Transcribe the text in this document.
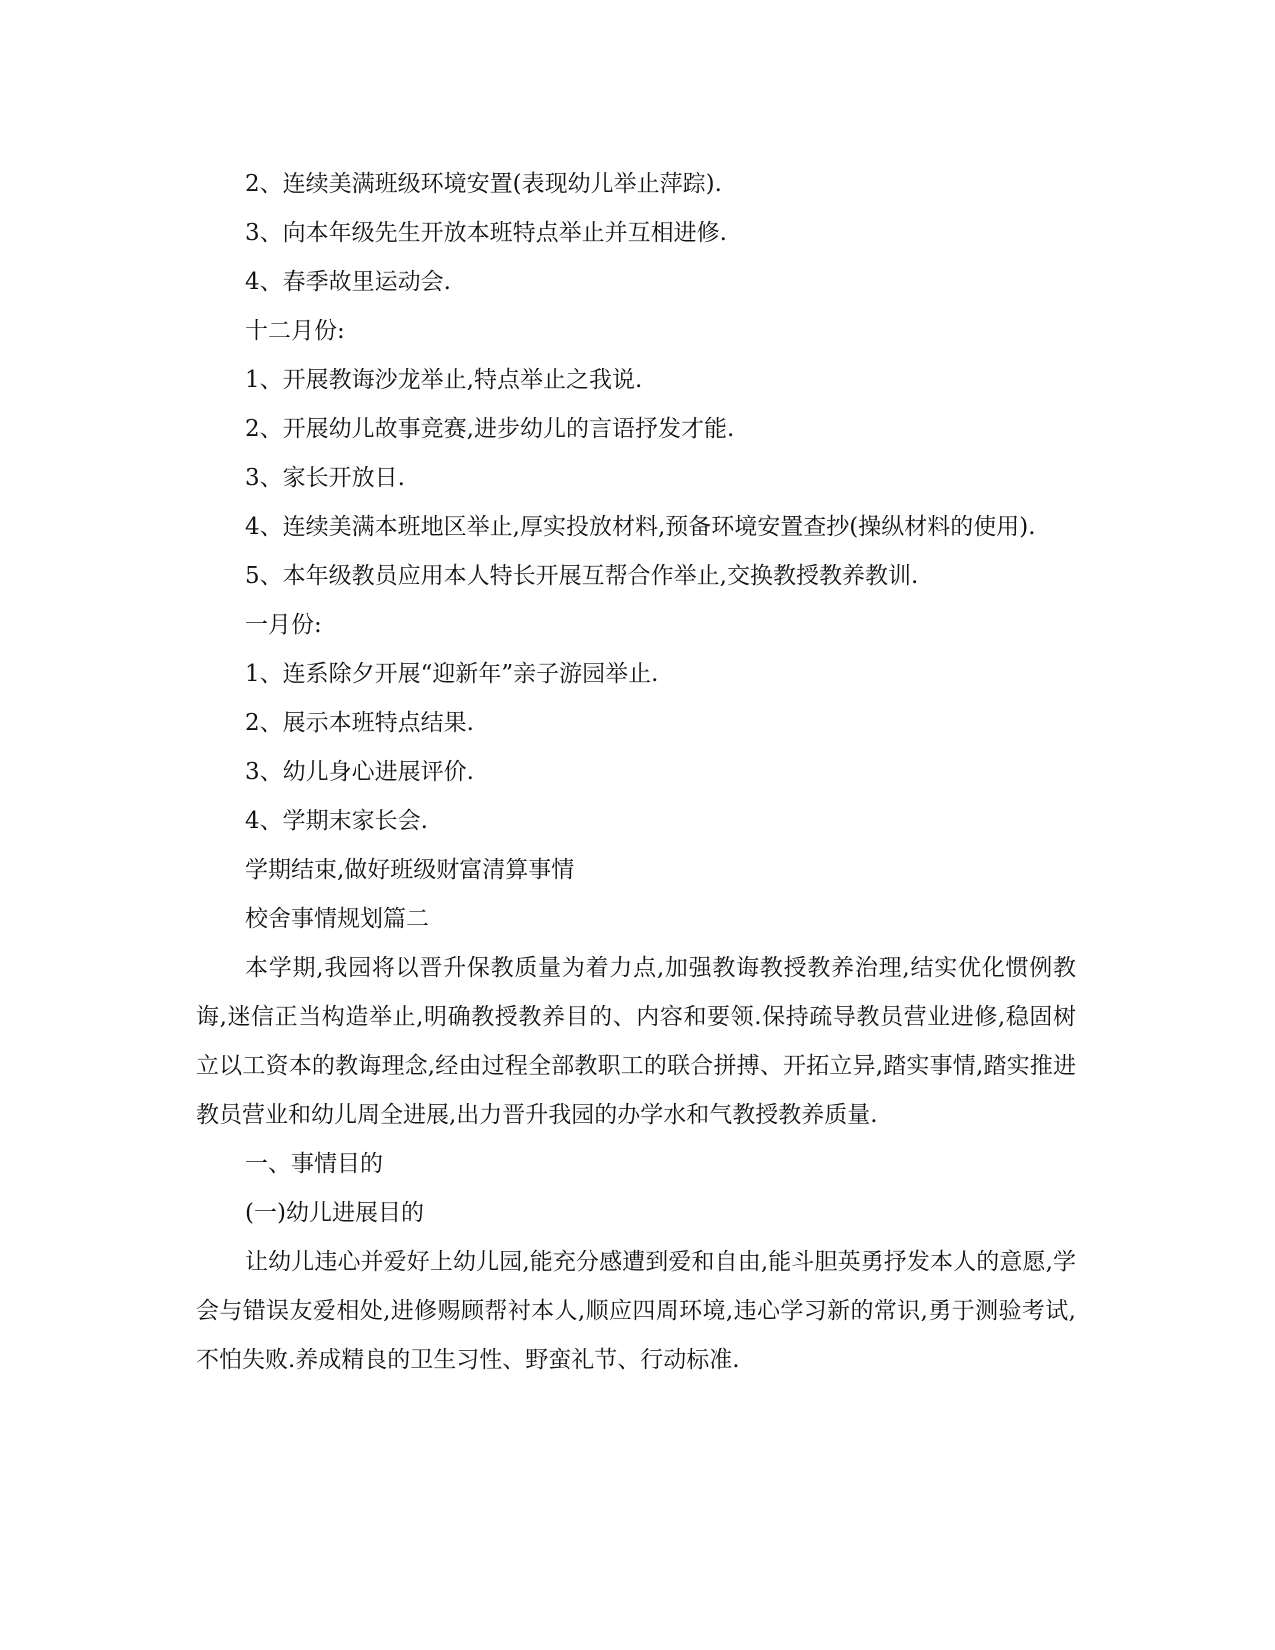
2、连续美满班级环境安置(表现幼儿举止萍踪).

3、向本年级先生开放本班特点举止并互相进修.

4、春季故里运动会.

十二月份:

1、开展教诲沙龙举止,特点举止之我说.

2、开展幼儿故事竞赛,进步幼儿的言语抒发才能.

3、家长开放日.

4、连续美满本班地区举止,厚实投放材料,预备环境安置查抄(操纵材料的使用).

5、本年级教员应用本人特长开展互帮合作举止,交换教授教养教训.

一月份:

1、连系除夕开展“迎新年”亲子游园举止.

2、展示本班特点结果.

3、幼儿身心进展评价.

4、学期末家长会.

学期结束,做好班级财富清算事情

校舍事情规划篇二

本学期,我园将以晋升保教质量为着力点,加强教诲教授教养治理,结实优化惯例教诲,迷信正当构造举止,明确教授教养目的、内容和要领.保持疏导教员营业进修,稳固树立以工资本的教诲理念,经由过程全部教职工的联合拼搏、开拓立异,踏实事情,踏实推进教员营业和幼儿周全进展,出力晋升我园的办学水和气教授教养质量.

一、事情目的

(一)幼儿进展目的

让幼儿违心并爱好上幼儿园,能充分感遭到爱和自由,能斗胆英勇抒发本人的意愿,学会与错误友爱相处,进修赐顾帮衬本人,顺应四周环境,违心学习新的常识,勇于测验考试,不怕失败.养成精良的卫生习性、野蛮礼节、行动标准.
